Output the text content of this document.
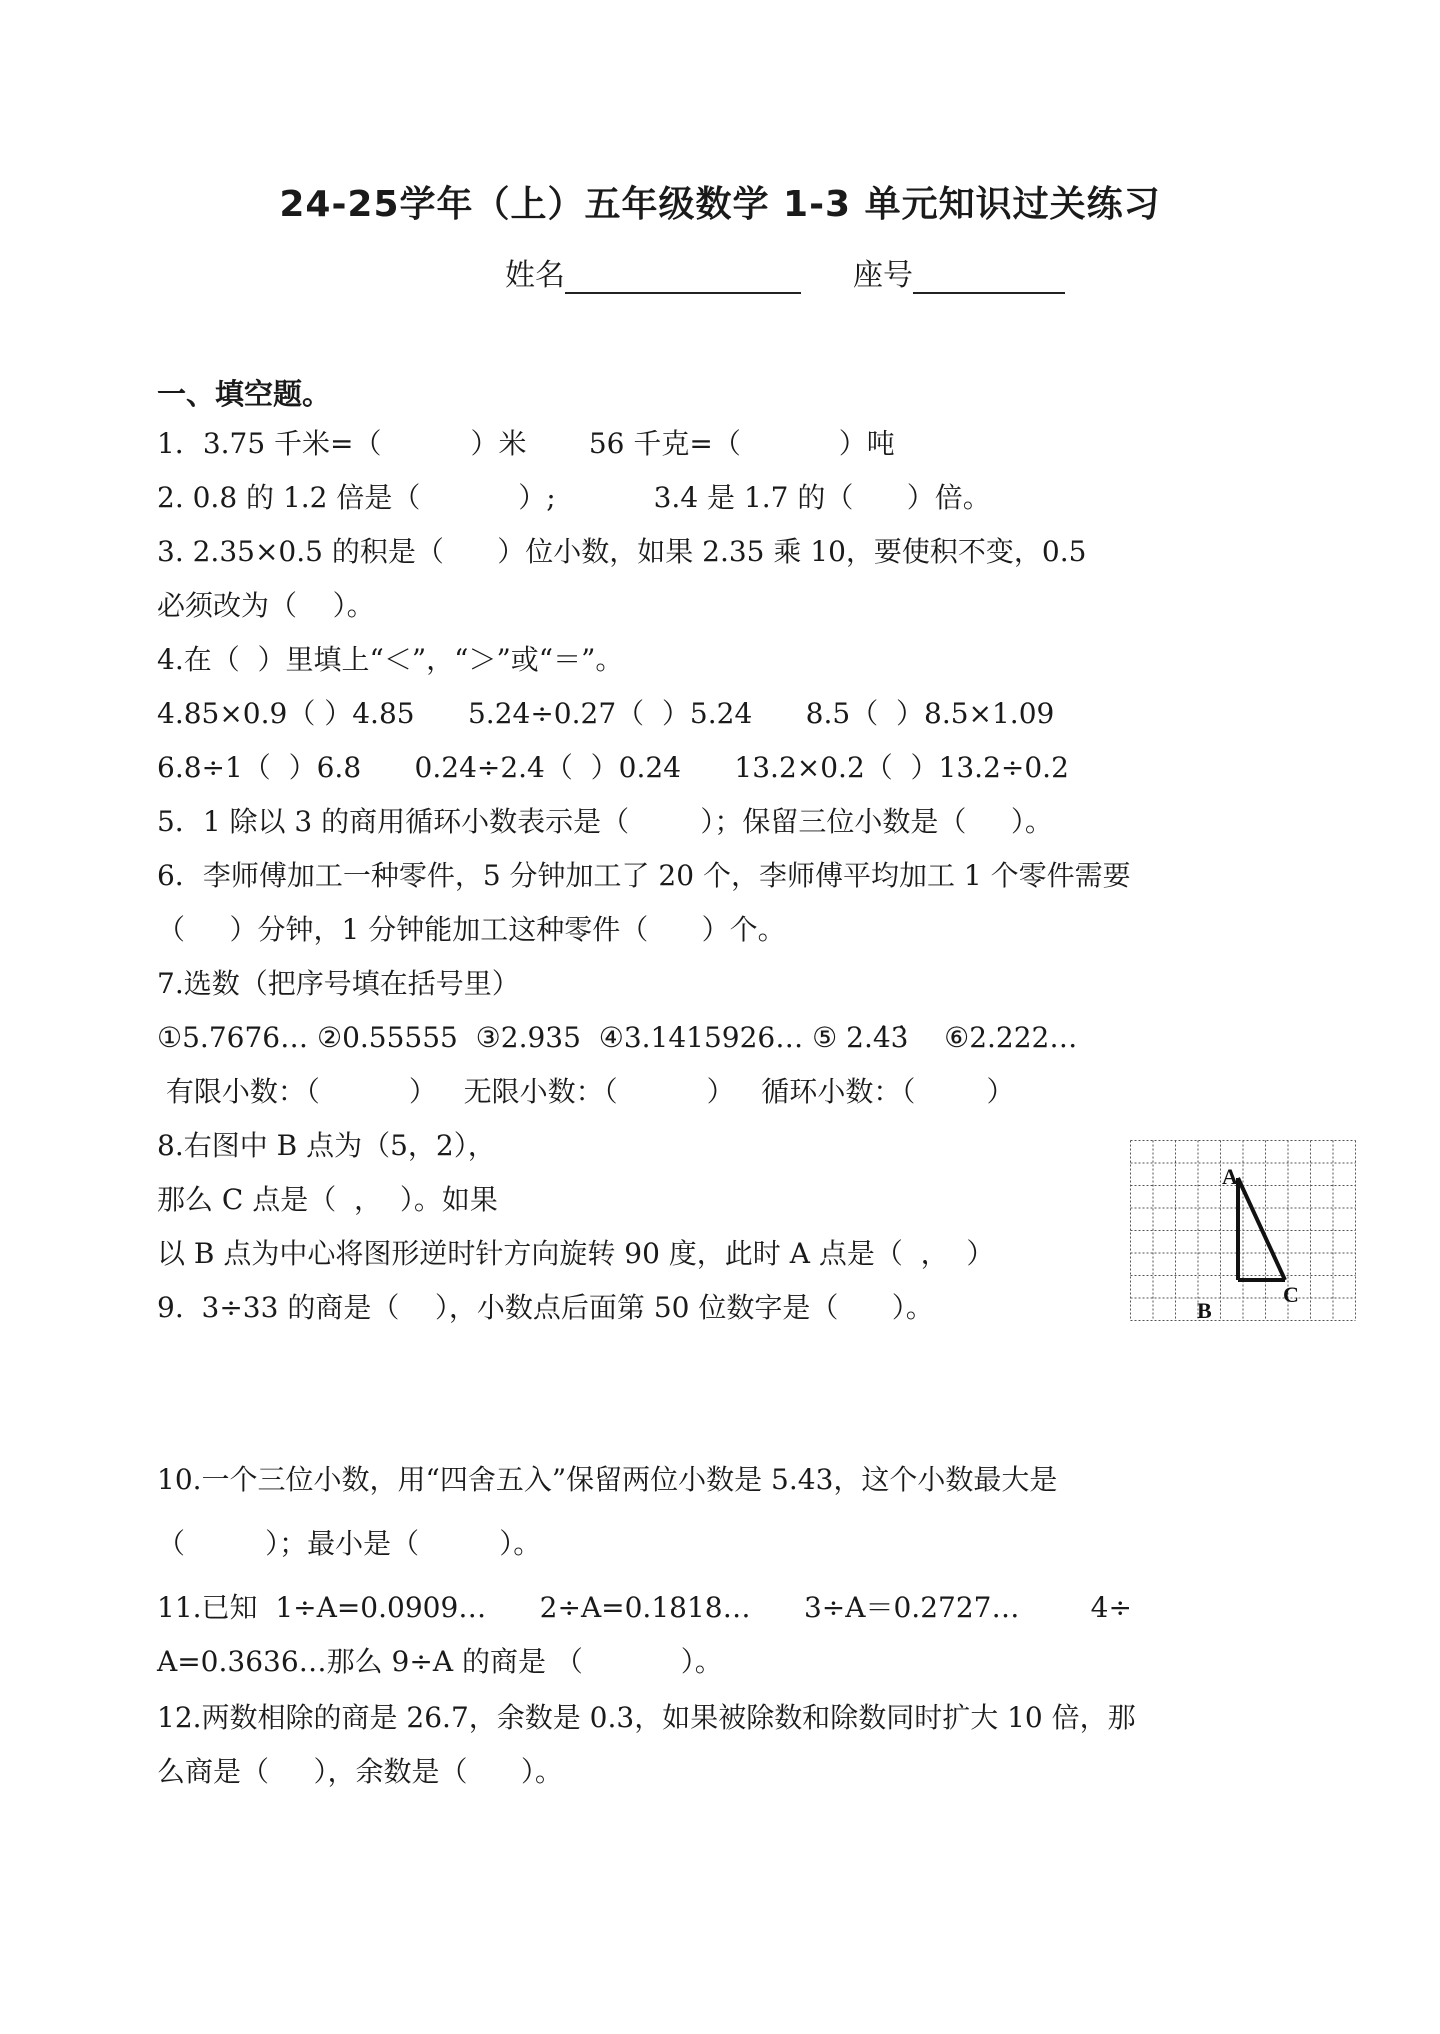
24-25学年（上）五年级数学 1-3 单元知识过关练习
姓名	座号
一、填空题。
1．3.75 千米=（          ）米       56 千克=（           ）吨
2. 0.8 的 1.2 倍是（           ）;           3.4 是 1.7 的（      ）倍。
3. 2.35×0.5 的积是（      ）位小数，如果 2.35 乘 10，要使积不变，0.5
必须改为（    ）。
4.在（  ）里填上“＜”，“＞”或“＝”。
4.85×0.9（ ）4.85      5.24÷0.27（  ）5.24      8.5（  ）8.5×1.09
6.8÷1（  ）6.8      0.24÷2.4（  ）0.24      13.2×0.2（  ）13.2÷0.2
5．1 除以 3 的商用循环小数表示是（        ）；保留三位小数是（     ）。
6．李师傅加工一种零件，5 分钟加工了 20 个，李师傅平均加工 1 个零件需要
（     ）分钟，1 分钟能加工这种零件（      ）个。
7.选数（把序号填在括号里）
①5.7676… ②0.55555  ③2.935  ④3.1415926… ⑤ 2.4̇3̇    ⑥2.222…
有限小数：（          ）   无限小数：（          ）   循环小数：（        ）
8.右图中 B 点为（5，2），
那么 C 点是（  ，  ）。如果
以 B 点为中心将图形逆时针方向旋转 90 度，此时 A 点是（  ，  ）
9.  3÷33 的商是（    ），小数点后面第 50 位数字是（      ）。
10.一个三位小数，用“四舍五入”保留两位小数是 5.43，这个小数最大是
（         ）；最小是（         ）。
11.已知  1÷A=0.0909…      2÷A=0.1818…      3÷A＝0.2727…        4÷
A=0.3636…那么 9÷A 的商是 （           ）。
12.两数相除的商是 26.7，余数是 0.3，如果被除数和除数同时扩大 10 倍，那
么商是（     ），余数是（      ）。
A
B
C
